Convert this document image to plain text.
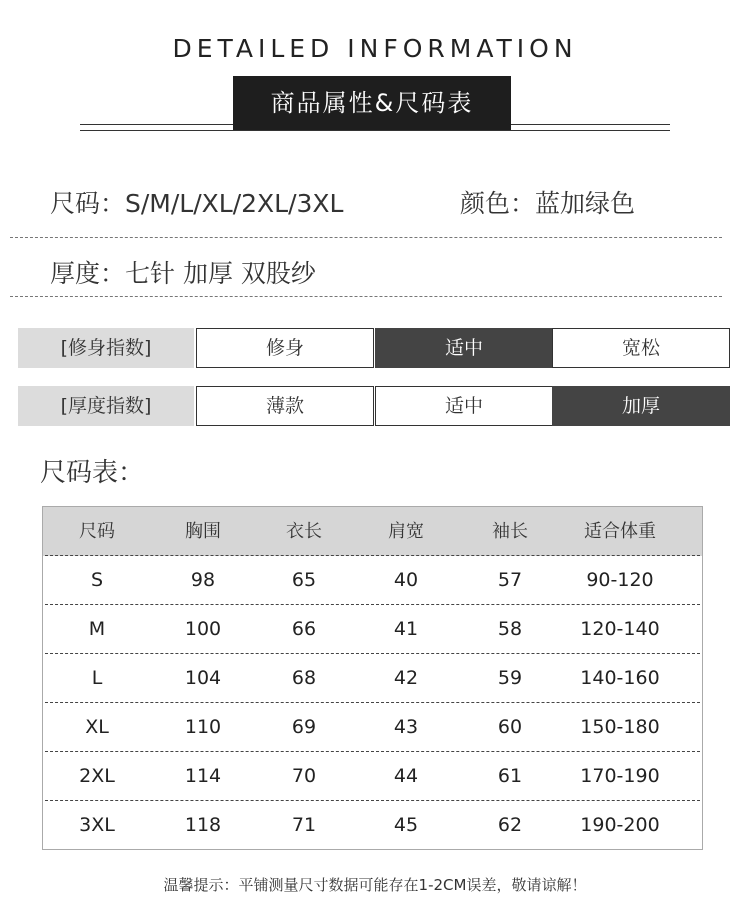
DETAILED INFORMATION
商品属性&尺码表
尺码：S/M/L/XL/2XL/3XL	颜色：蓝加绿色
厚度：七针 加厚 双股纱
[修身指数]	修身	适中	宽松
[厚度指数]	薄款	适中	加厚
尺码表：
尺码	胸围	衣长	肩宽	袖长	适合体重
S	98	65	40	57	90-120
M	100	66	41	58	120-140
L	104	68	42	59	140-160
XL	110	69	43	60	150-180
2XL	114	70	44	61	170-190
3XL	118	71	45	62	190-200
温馨提示：平铺测量尺寸数据可能存在1-2CM误差，敬请谅解！
